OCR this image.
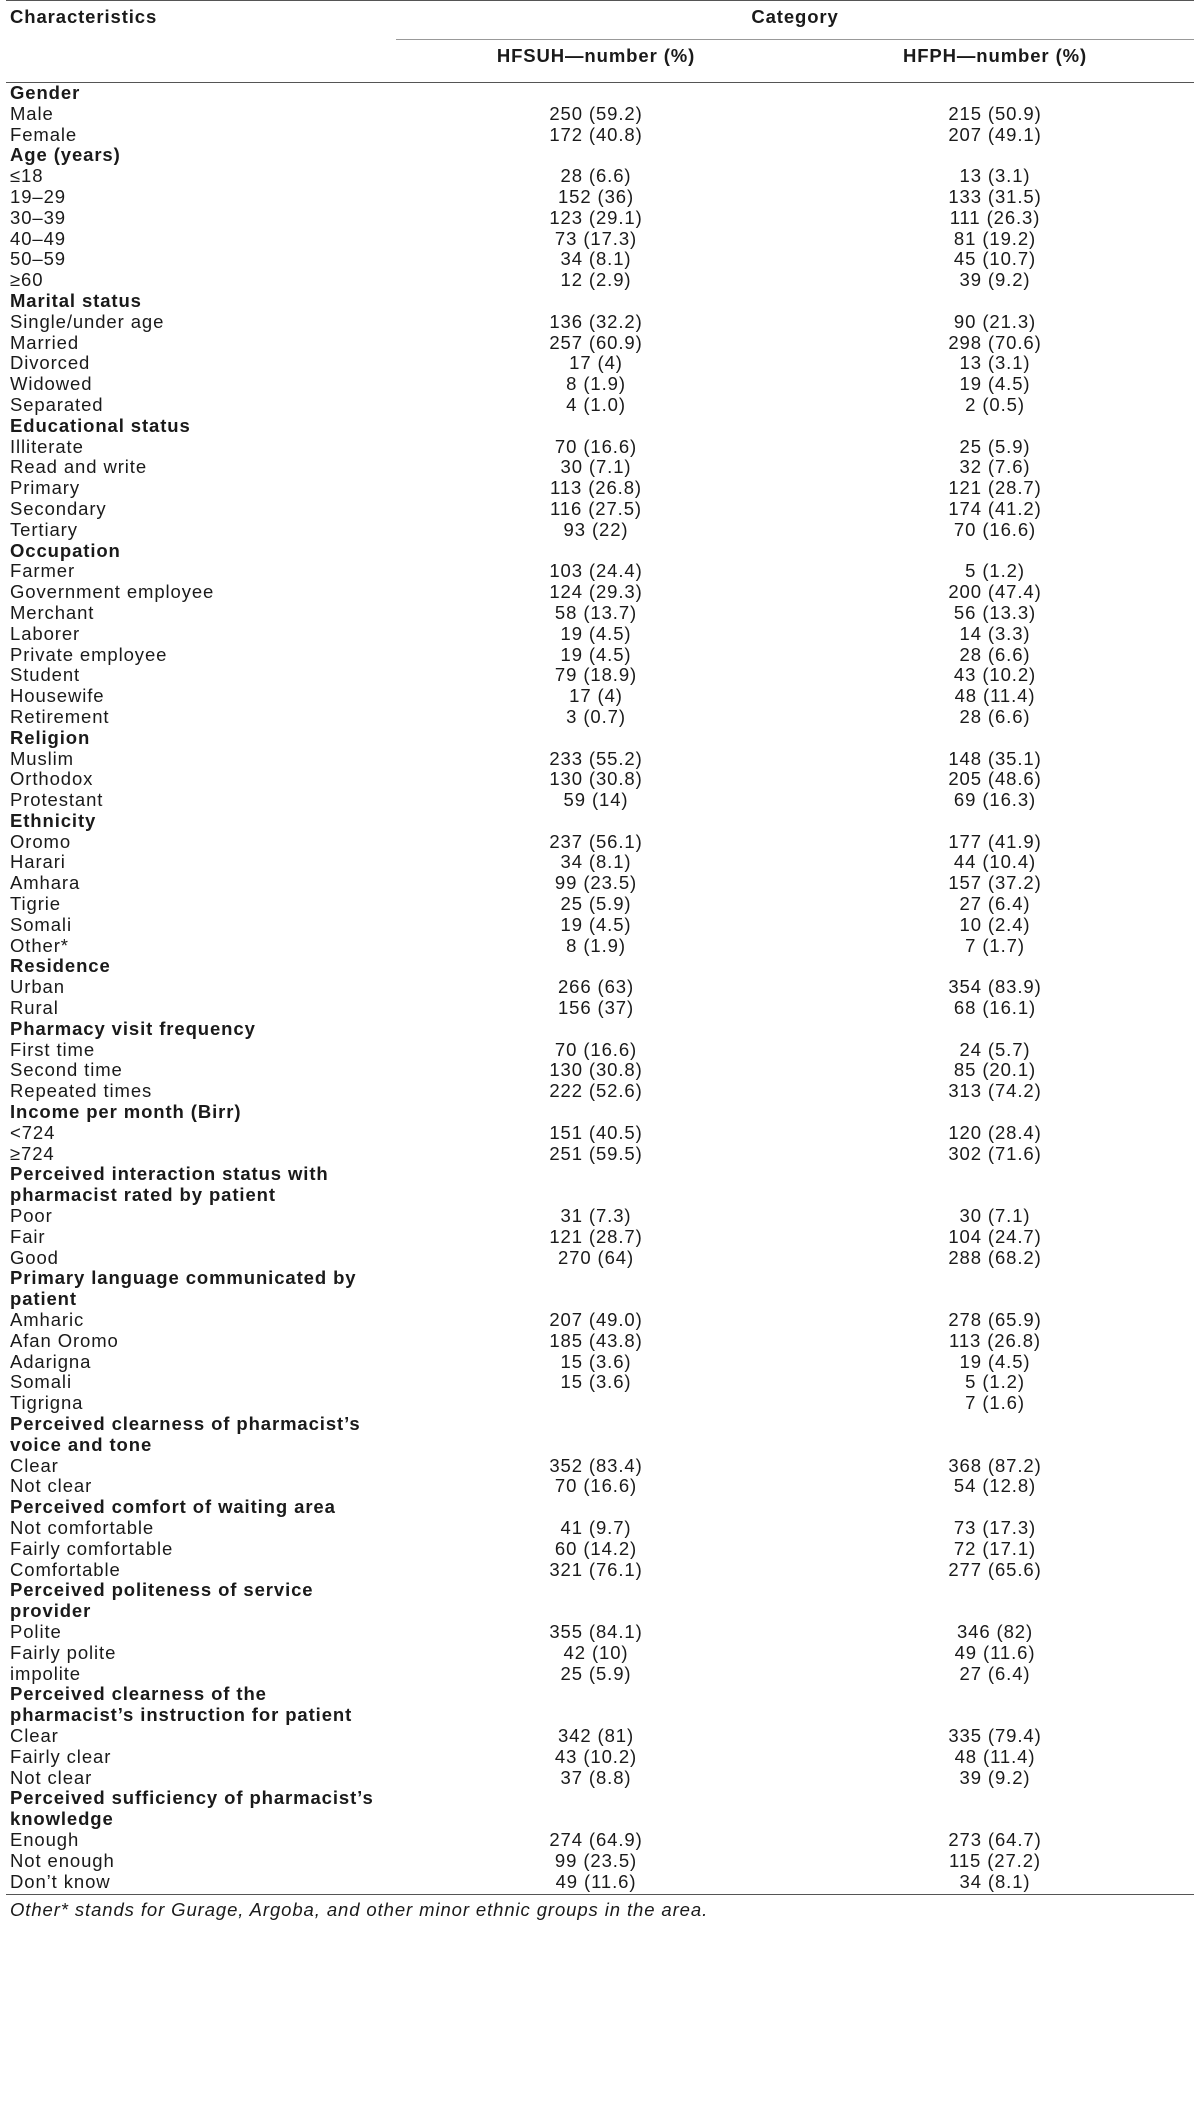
Characteristics	Category	
	HFSUH—number (%)	HFPH—number (%)

Gender		

Male	250 (59.2)	215 (50.9)
Female	172 (40.8)	207 (49.1)

Age (years)		

≤18	28 (6.6)	13 (3.1)
19–29	152 (36)	133 (31.5)
30–39	123 (29.1)	111 (26.3)
40–49	73 (17.3)	81 (19.2)
50–59	34 (8.1)	45 (10.7)
≥60	12 (2.9)	39 (9.2)

Marital status		

Single/under age	136 (32.2)	90 (21.3)
Married	257 (60.9)	298 (70.6)
Divorced	17 (4)	13 (3.1)
Widowed	8 (1.9)	19 (4.5)
Separated	4 (1.0)	2 (0.5)

Educational status		

Illiterate	70 (16.6)	25 (5.9)
Read and write	30 (7.1)	32 (7.6)
Primary	113 (26.8)	121 (28.7)
Secondary	116 (27.5)	174 (41.2)
Tertiary	93 (22)	70 (16.6)

Occupation		

Farmer	103 (24.4)	5 (1.2)
Government employee	124 (29.3)	200 (47.4)
Merchant	58 (13.7)	56 (13.3)
Laborer	19 (4.5)	14 (3.3)
Private employee	19 (4.5)	28 (6.6)
Student	79 (18.9)	43 (10.2)
Housewife	17 (4)	48 (11.4)
Retirement	3 (0.7)	28 (6.6)

Religion		

Muslim	233 (55.2)	148 (35.1)
Orthodox	130 (30.8)	205 (48.6)
Protestant	59 (14)	69 (16.3)

Ethnicity		

Oromo	237 (56.1)	177 (41.9)
Harari	34 (8.1)	44 (10.4)
Amhara	99 (23.5)	157 (37.2)
Tigrie	25 (5.9)	27 (6.4)
Somali	19 (4.5)	10 (2.4)
Other*	8 (1.9)	7 (1.7)

Residence		

Urban	266 (63)	354 (83.9)
Rural	156 (37)	68 (16.1)

Pharmacy visit frequency		

First time	70 (16.6)	24 (5.7)
Second time	130 (30.8)	85 (20.1)
Repeated times	222 (52.6)	313 (74.2)

Income per month (Birr)		

<724	151 (40.5)	120 (28.4)
≥724	251 (59.5)	302 (71.6)

Perceived interaction status with pharmacist rated by patient		

Poor	31 (7.3)	30 (7.1)
Fair	121 (28.7)	104 (24.7)
Good	270 (64)	288 (68.2)

Primary language communicated by patient		

Amharic	207 (49.0)	278 (65.9)
Afan Oromo	185 (43.8)	113 (26.8)
Adarigna	15 (3.6)	19 (4.5)
Somali	15 (3.6)	5 (1.2)
Tigrigna		7 (1.6)

Perceived clearness of pharmacist’s voice and tone		

Clear	352 (83.4)	368 (87.2)
Not clear	70 (16.6)	54 (12.8)

Perceived comfort of waiting area		

Not comfortable	41 (9.7)	73 (17.3)
Fairly comfortable	60 (14.2)	72 (17.1)
Comfortable	321 (76.1)	277 (65.6)

Perceived politeness of service provider		

Polite	355 (84.1)	346 (82)
Fairly polite	42 (10)	49 (11.6)
impolite	25 (5.9)	27 (6.4)

Perceived clearness of the pharmacist’s instruction for patient		

Clear	342 (81)	335 (79.4)
Fairly clear	43 (10.2)	48 (11.4)
Not clear	37 (8.8)	39 (9.2)

Perceived sufficiency of pharmacist’s knowledge		

Enough	274 (64.9)	273 (64.7)
Not enough	99 (23.5)	115 (27.2)
Don’t know	49 (11.6)	34 (8.1)
Other* stands for Gurage, Argoba, and other minor ethnic groups in the area.
